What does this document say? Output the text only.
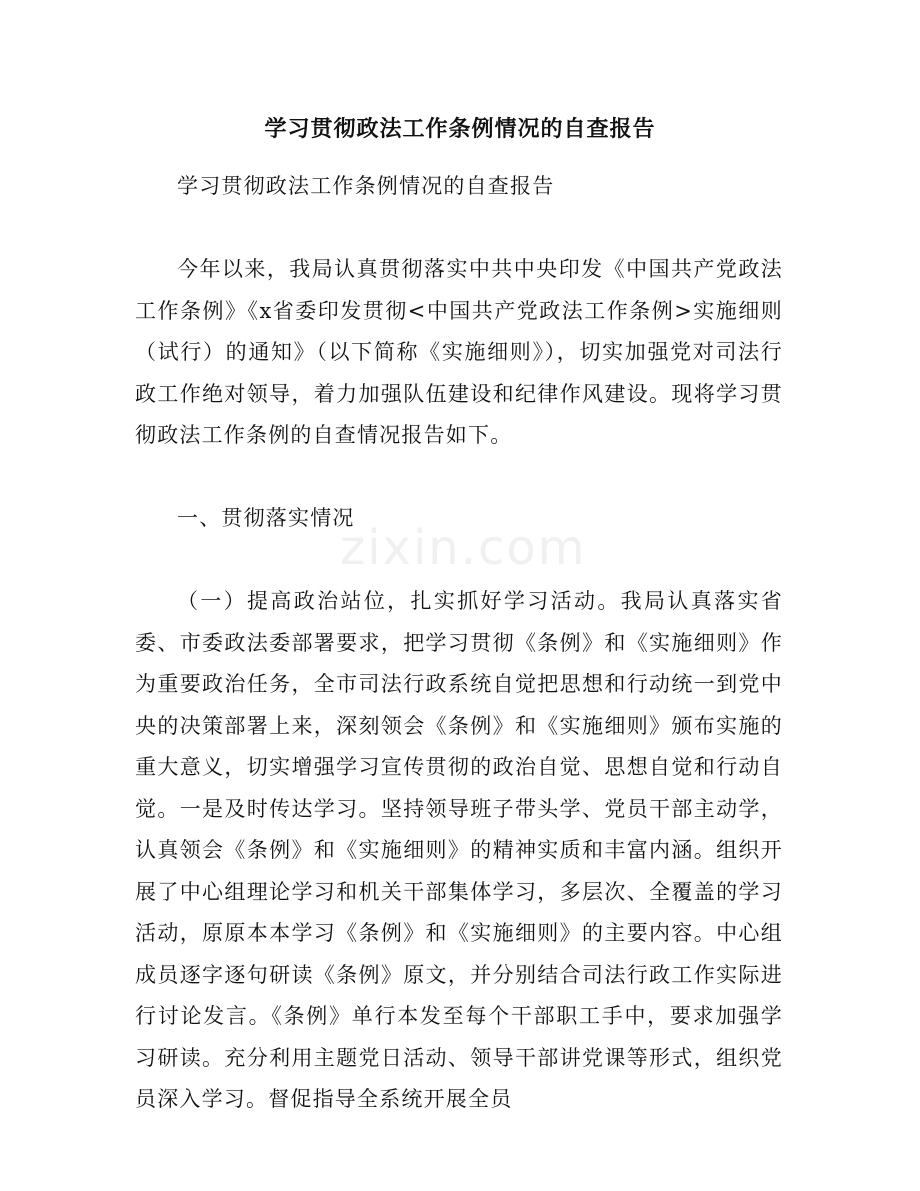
学习贯彻政法工作条例情况的自查报告

学习贯彻政法工作条例情况的自查报告

今年以来，我局认真贯彻落实中共中央印发《中国共产党政法工作条例》《x省委印发贯彻<中国共产党政法工作条例>实施细则（试行）的通知》（以下简称《实施细则》），切实加强党对司法行政工作绝对领导，着力加强队伍建设和纪律作风建设。现将学习贯彻政法工作条例的自查情况报告如下。

一、贯彻落实情况

（一）提高政治站位，扎实抓好学习活动。我局认真落实省委、市委政法委部署要求，把学习贯彻《条例》和《实施细则》作为重要政治任务，全市司法行政系统自觉把思想和行动统一到党中央的决策部署上来，深刻领会《条例》和《实施细则》颁布实施的重大意义，切实增强学习宣传贯彻的政治自觉、思想自觉和行动自觉。一是及时传达学习。坚持领导班子带头学、党员干部主动学，认真领会《条例》和《实施细则》的精神实质和丰富内涵。组织开展了中心组理论学习和机关干部集体学习，多层次、全覆盖的学习活动，原原本本学习《条例》和《实施细则》的主要内容。中心组成员逐字逐句研读《条例》原文，并分别结合司法行政工作实际进行讨论发言。《条例》单行本发至每个干部职工手中，要求加强学习研读。充分利用主题党日活动、领导干部讲党课等形式，组织党员深入学习。督促指导全系统开展全员

zixin.com
